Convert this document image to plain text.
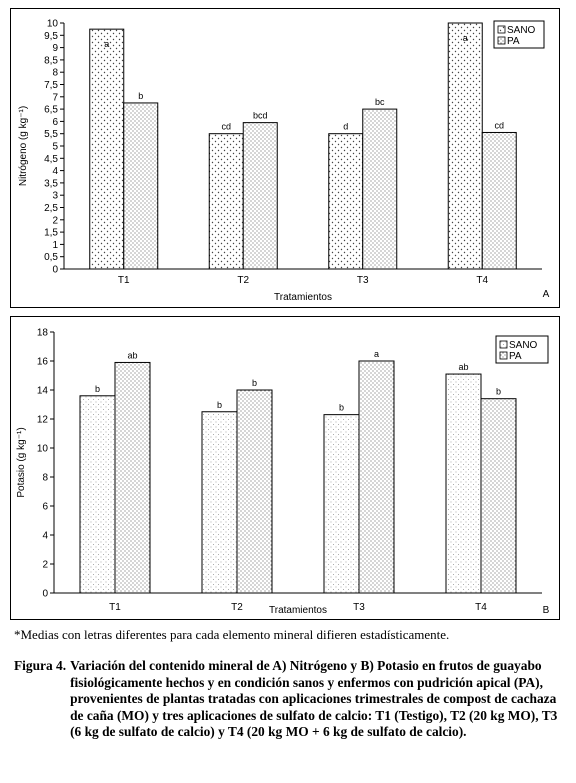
0
0,5
1
1,5
2
2,5
3
3,5
4
4,5
5
5,5
6
6,5
7
7,5
8
8,5
9
9,5
10
Nitrógeno (g kg⁻¹)
T1
a
b
T2
cd
bcd
T3
d
bc
T4
a
cd
Tratamientos	A
SANO
PA
0
2
4
6
8
10
12
14
16
18
Potasio (g kg⁻¹)
T1
b
ab
T2
b
b
T3
b
a
T4
ab
b
Tratamientos	B
SANO
PA
*Medias con letras diferentes para cada elemento mineral difieren estadísticamente.
Figura 4. Variación del contenido mineral de A) Nitrógeno y B) Potasio en frutos de guayabo fisiológicamente hechos y en condición sanos y enfermos con pudrición apical (PA), provenientes de plantas tratadas con aplicaciones trimestrales de compost de cachaza de caña (MO) y tres aplicaciones de sulfato de calcio: T1 (Testigo), T2 (20 kg MO), T3 (6 kg de sulfato de calcio) y T4 (20 kg MO + 6 kg de sulfato de calcio).
